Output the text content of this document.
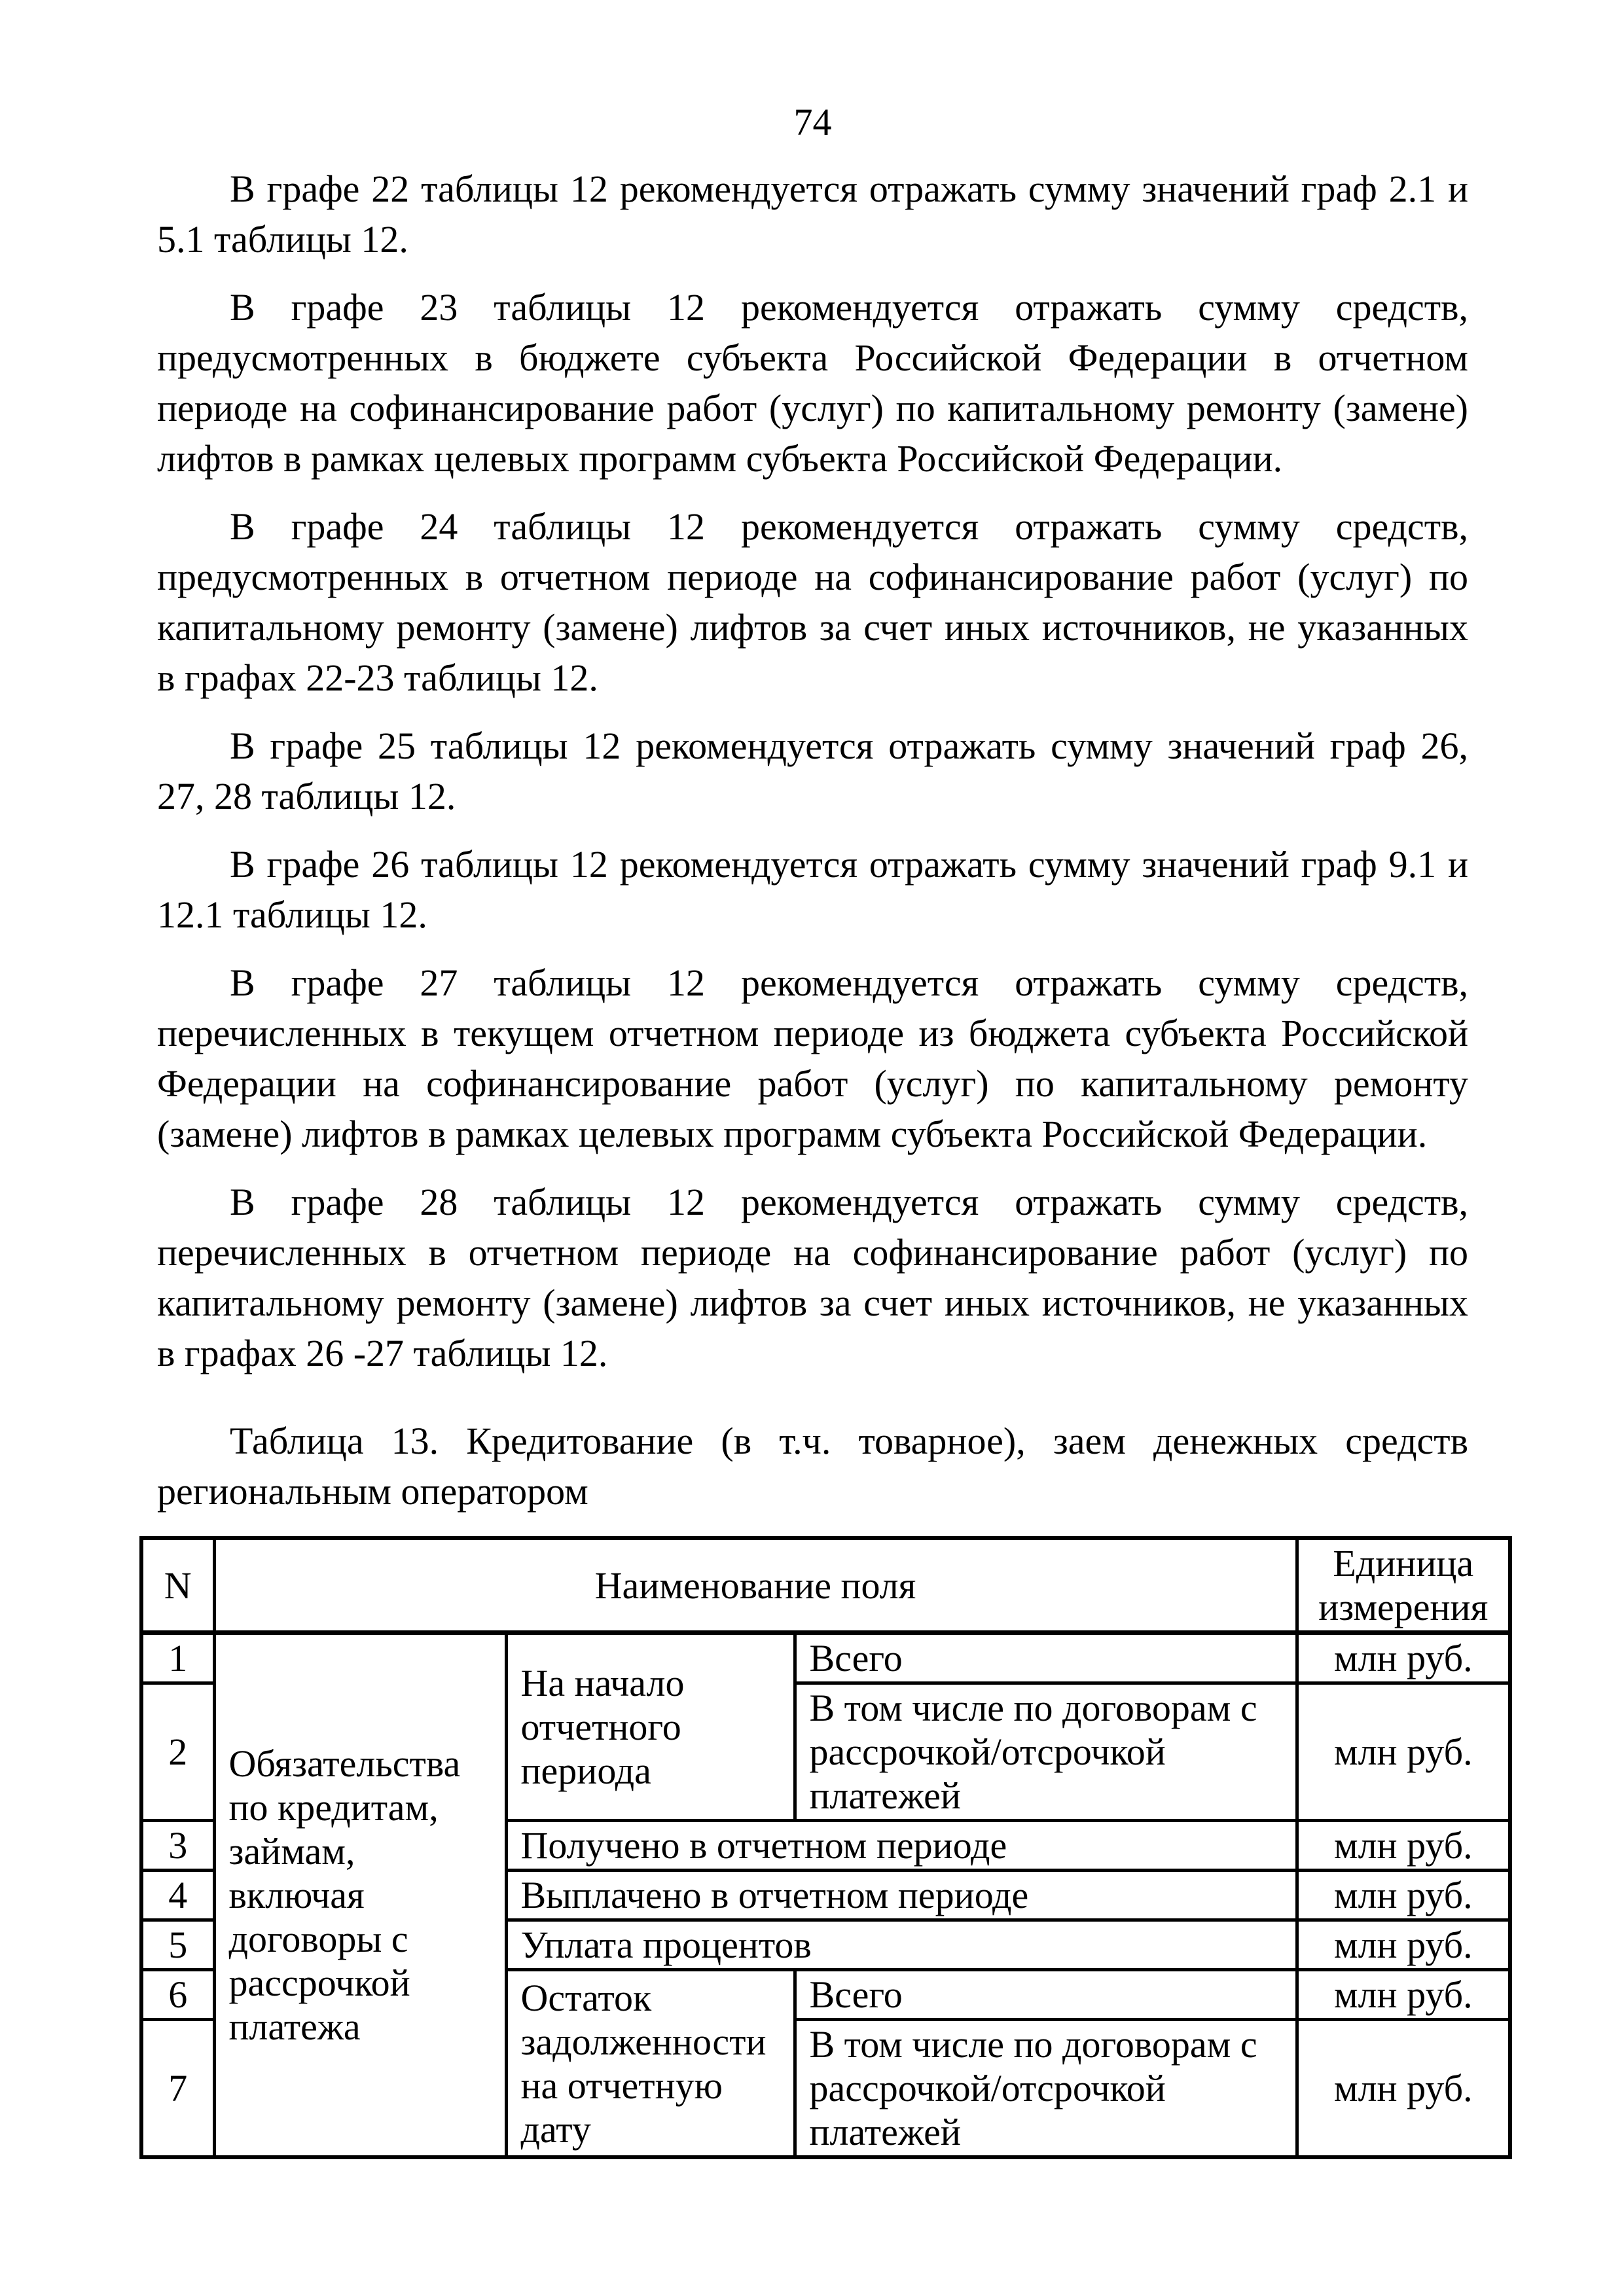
74

В графе 22 таблицы 12 рекомендуется отражать сумму значений граф 2.1 и 5.1 таблицы 12.

В графе 23 таблицы 12 рекомендуется отражать сумму средств, предусмотренных в бюджете субъекта Российской Федерации в отчетном периоде на софинансирование работ (услуг) по капитальному ремонту (замене) лифтов в рамках целевых программ субъекта Российской Федерации.

В графе 24 таблицы 12 рекомендуется отражать сумму средств, предусмотренных в отчетном периоде на софинансирование работ (услуг) по капитальному ремонту (замене) лифтов за счет иных источников, не указанных в графах 22-23 таблицы 12.

В графе 25 таблицы 12 рекомендуется отражать сумму значений граф 26, 27, 28 таблицы 12.

В графе 26 таблицы 12 рекомендуется отражать сумму значений граф 9.1 и 12.1 таблицы 12.

В графе 27 таблицы 12 рекомендуется отражать сумму средств, перечисленных в текущем отчетном периоде из бюджета субъекта Российской Федерации на софинансирование работ (услуг) по капитальному ремонту (замене) лифтов в рамках целевых программ субъекта Российской Федерации.

В графе 28 таблицы 12 рекомендуется отражать сумму средств, перечисленных в отчетном периоде на софинансирование работ (услуг) по капитальному ремонту (замене) лифтов за счет иных источников, не указанных в графах 26 -27 таблицы 12.

Таблица 13. Кредитование (в т.ч. товарное), заем денежных средств региональным оператором

N	Наименование поля			Единица измерения
1	Обязательства по кредитам, займам, включая договоры с рассрочкой платежа	На начало отчетного периода	Всего	млн руб.
2			В том числе по договорам с рассрочкой/отсрочкой платежей	млн руб.
3		Получено в отчетном периоде		млн руб.
4		Выплачено в отчетном периоде		млн руб.
5		Уплата процентов		млн руб.
6		Остаток задолженности на отчетную дату	Всего	млн руб.
7			В том числе по договорам с рассрочкой/отсрочкой платежей	млн руб.
